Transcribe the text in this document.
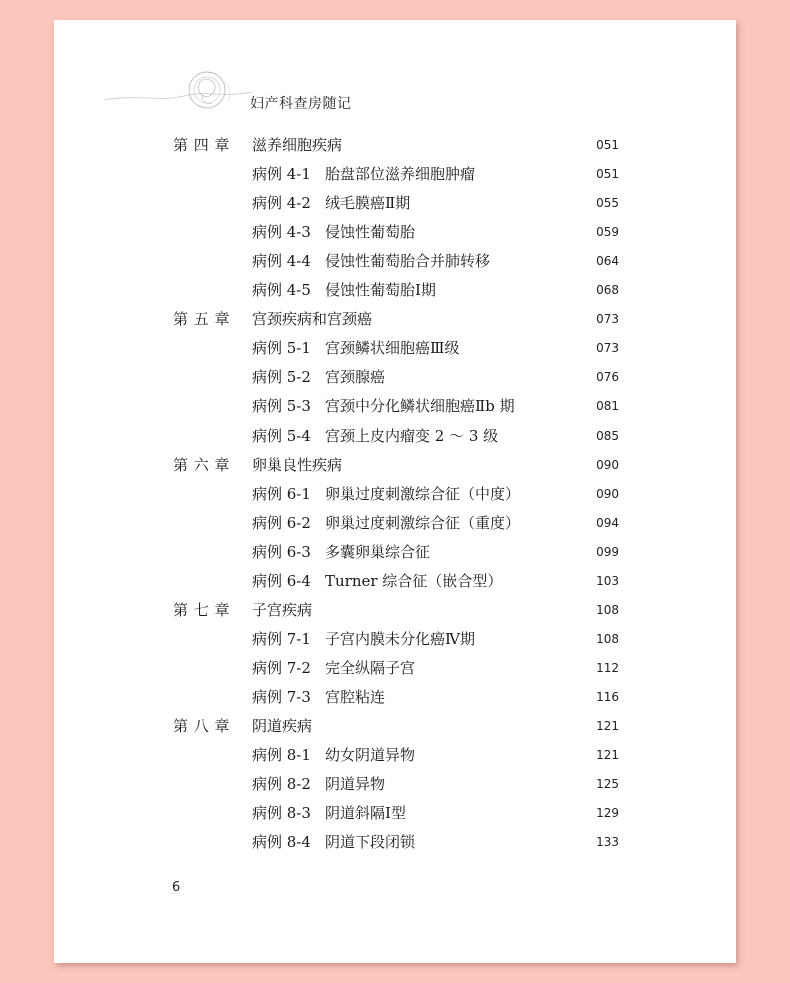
妇产科查房随记
第 四 章 滋养细胞疾病	051
病例 4-1 胎盘部位滋养细胞肿瘤	051
病例 4-2 绒毛膜癌Ⅱ期	055
病例 4-3 侵蚀性葡萄胎	059
病例 4-4 侵蚀性葡萄胎合并肺转移	064
病例 4-5 侵蚀性葡萄胎Ⅰ期	068
第 五 章 宫颈疾病和宫颈癌	073
病例 5-1 宫颈鳞状细胞癌Ⅲ级	073
病例 5-2 宫颈腺癌	076
病例 5-3 宫颈中分化鳞状细胞癌Ⅱb 期	081
病例 5-4 宫颈上皮内瘤变 2 ～ 3 级	085
第 六 章 卵巢良性疾病	090
病例 6-1 卵巢过度刺激综合征（中度）	090
病例 6-2 卵巢过度刺激综合征（重度）	094
病例 6-3 多囊卵巢综合征	099
病例 6-4 Turner 综合征（嵌合型）	103
第 七 章 子宫疾病	108
病例 7-1 子宫内膜未分化癌Ⅳ期	108
病例 7-2 完全纵隔子宫	112
病例 7-3 宫腔粘连	116
第 八 章 阴道疾病	121
病例 8-1 幼女阴道异物	121
病例 8-2 阴道异物	125
病例 8-3 阴道斜隔Ⅰ型	129
病例 8-4 阴道下段闭锁	133
6
